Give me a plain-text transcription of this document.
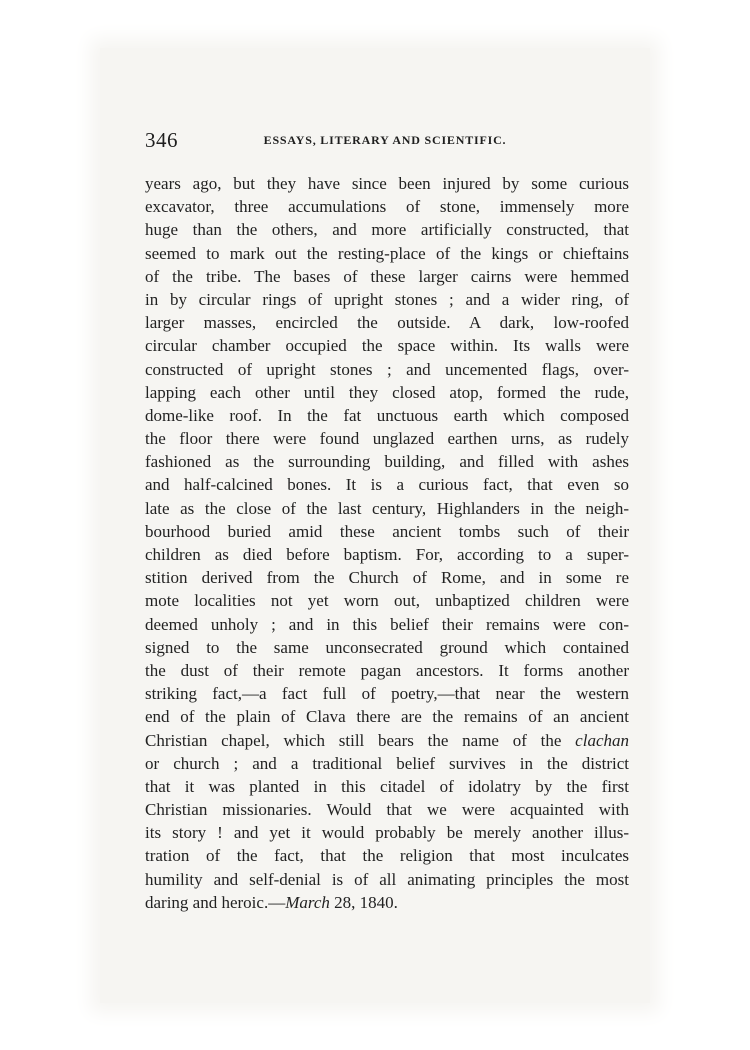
346	ESSAYS, LITERARY AND SCIENTIFIC.
years ago, but they have since been injured by some curious
excavator, three accumulations of stone, immensely more
huge than the others, and more artificially constructed, that
seemed to mark out the resting-place of the kings or chieftains
of the tribe. The bases of these larger cairns were hemmed
in by circular rings of upright stones ; and a wider ring, of
larger masses, encircled the outside. A dark, low-roofed
circular chamber occupied the space within. Its walls were
constructed of upright stones ; and uncemented flags, over-
lapping each other until they closed atop, formed the rude,
dome-like roof. In the fat unctuous earth which composed
the floor there were found unglazed earthen urns, as rudely
fashioned as the surrounding building, and filled with ashes
and half-calcined bones. It is a curious fact, that even so
late as the close of the last century, Highlanders in the neigh-
bourhood buried amid these ancient tombs such of their
children as died before baptism. For, according to a super-
stition derived from the Church of Rome, and in some re
mote localities not yet worn out, unbaptized children were
deemed unholy ; and in this belief their remains were con-
signed to the same unconsecrated ground which contained
the dust of their remote pagan ancestors. It forms another
striking fact,—a fact full of poetry,—that near the western
end of the plain of Clava there are the remains of an ancient
Christian chapel, which still bears the name of the clachan
or church ; and a traditional belief survives in the district
that it was planted in this citadel of idolatry by the first
Christian missionaries. Would that we were acquainted with
its story ! and yet it would probably be merely another illus-
tration of the fact, that the religion that most inculcates
humility and self-denial is of all animating principles the most
daring and heroic.—March 28, 1840.
